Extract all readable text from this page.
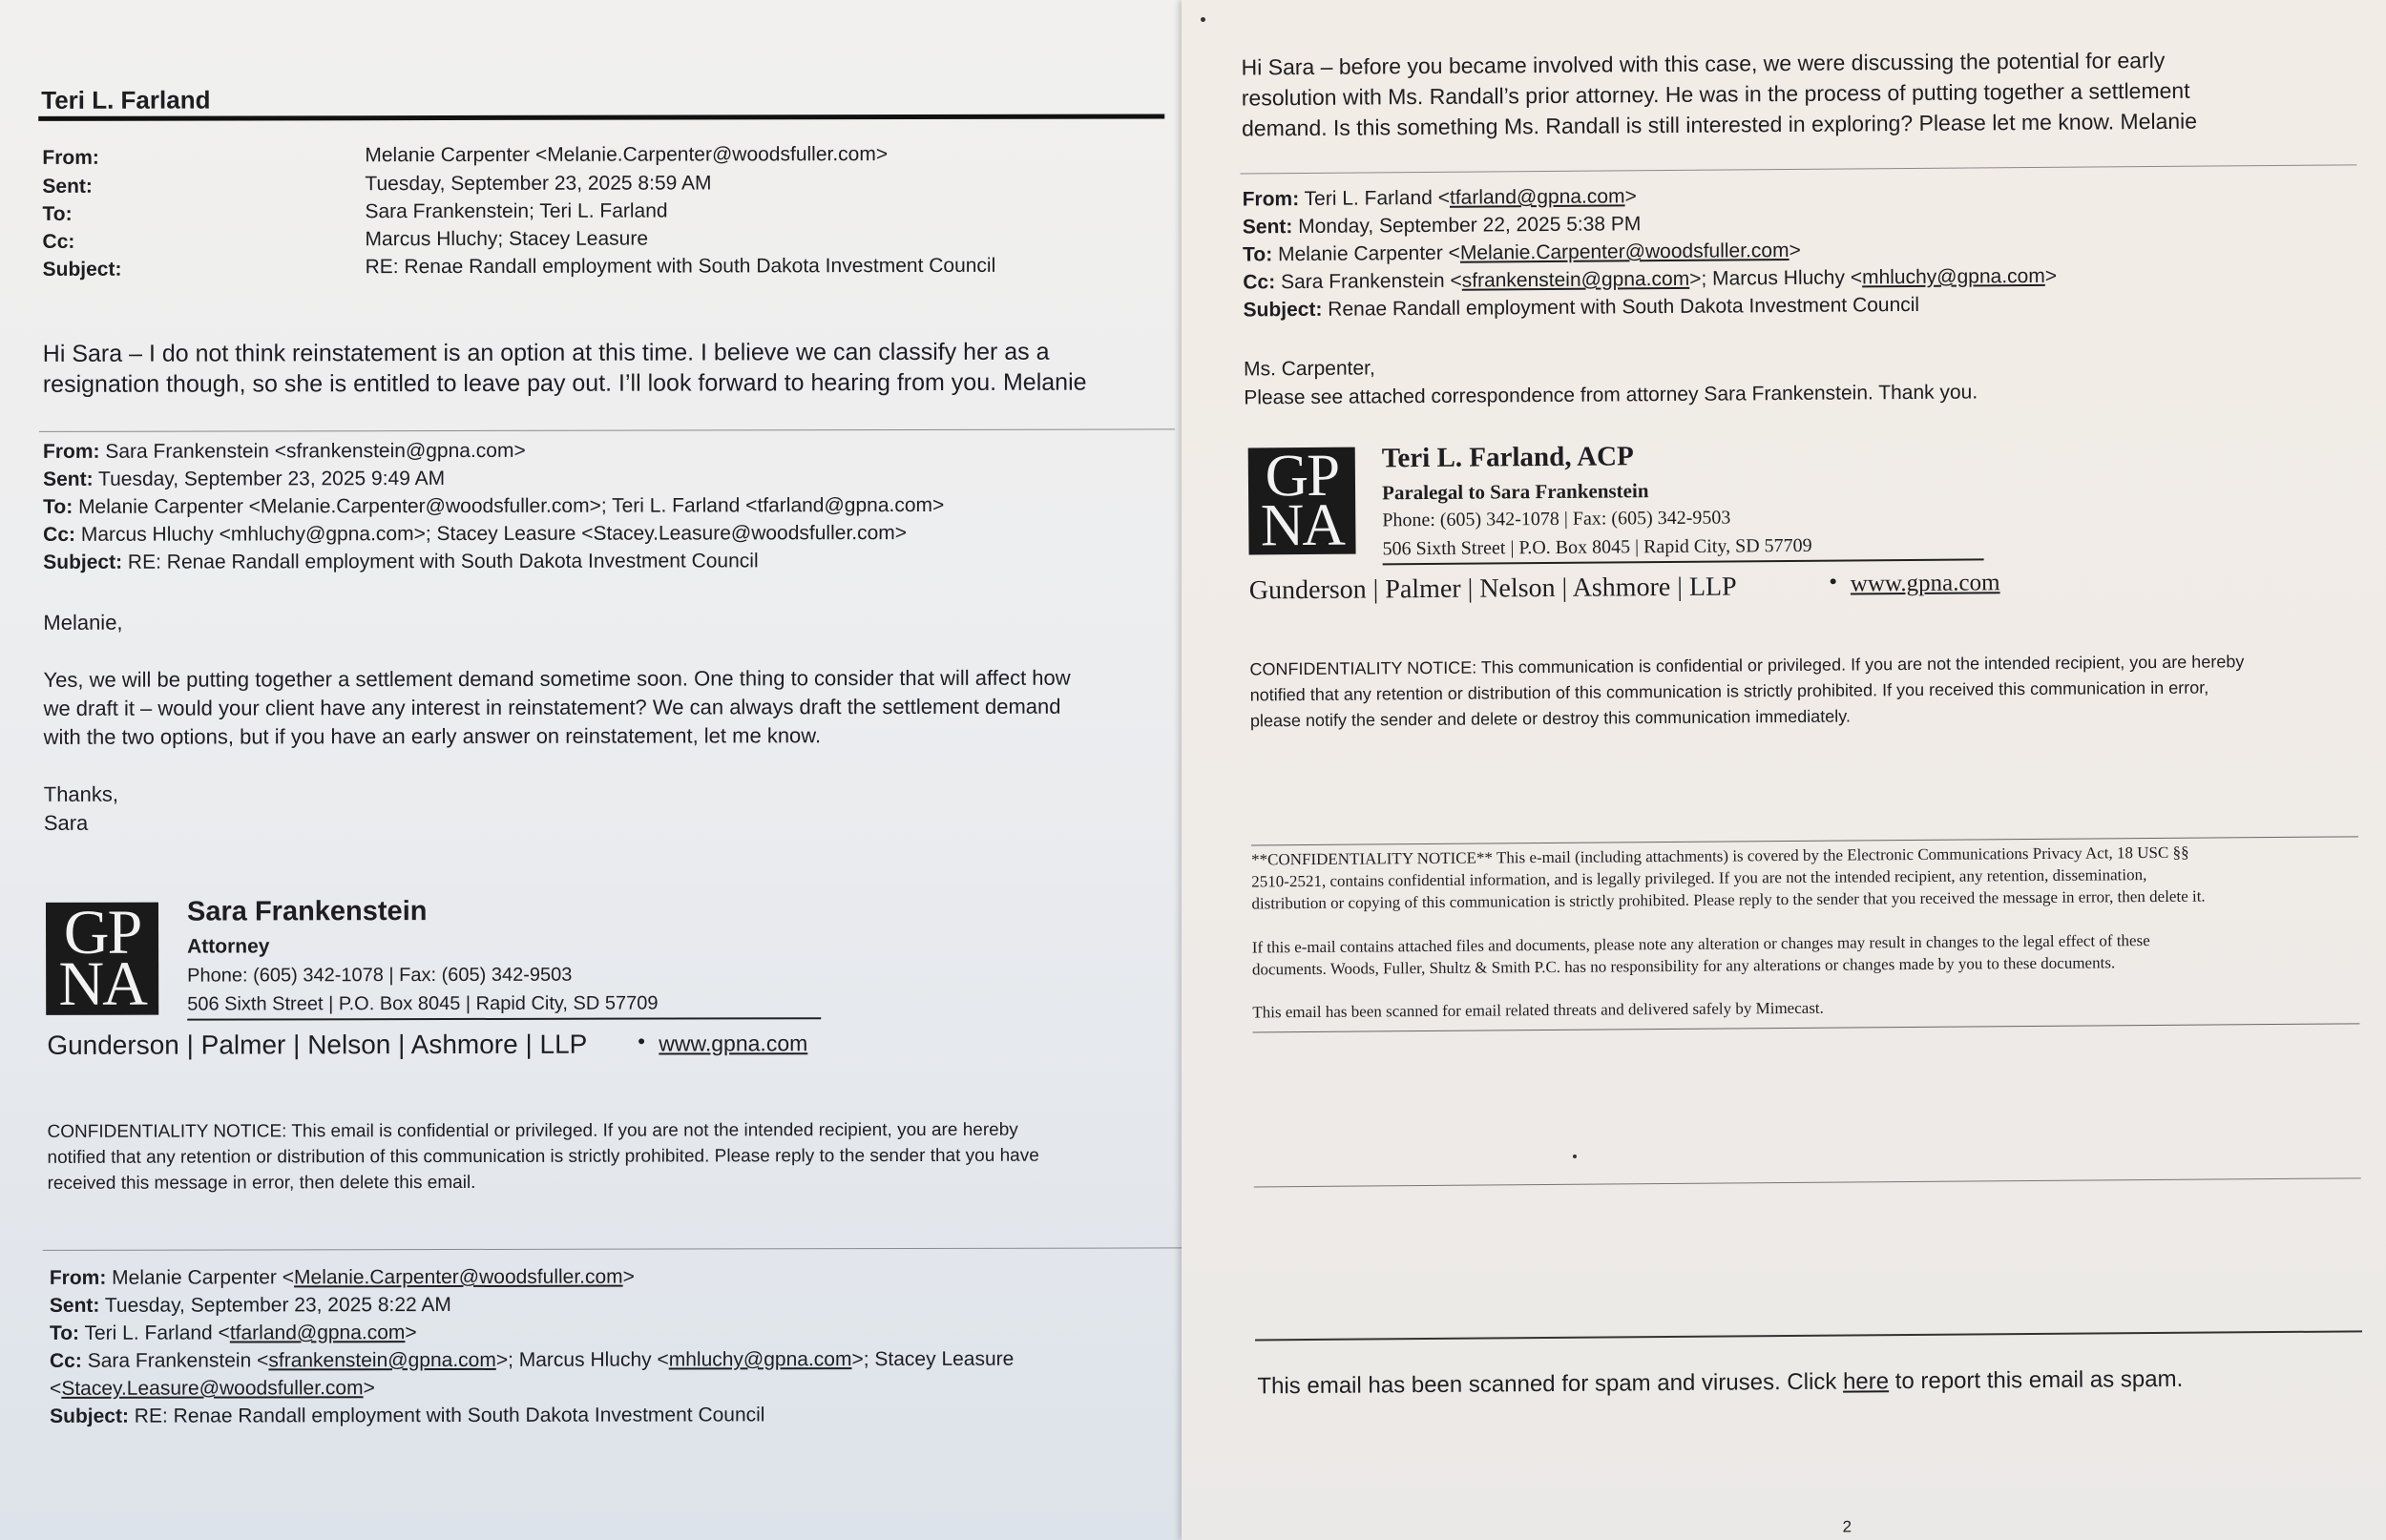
Teri L. Farland
From:	Melanie Carpenter <Melanie.Carpenter@woodsfuller.com>
Sent:	Tuesday, September 23, 2025 8:59 AM
To:	Sara Frankenstein; Teri L. Farland
Cc:	Marcus Hluchy; Stacey Leasure
Subject:	RE: Renae Randall employment with South Dakota Investment Council
Hi Sara – I do not think reinstatement is an option at this time. I believe we can classify her as a
resignation though, so she is entitled to leave pay out. I’ll look forward to hearing from you. Melanie
From: Sara Frankenstein <sfrankenstein@gpna.com>
Sent: Tuesday, September 23, 2025 9:49 AM
To: Melanie Carpenter <Melanie.Carpenter@woodsfuller.com>; Teri L. Farland <tfarland@gpna.com>
Cc: Marcus Hluchy <mhluchy@gpna.com>; Stacey Leasure <Stacey.Leasure@woodsfuller.com>
Subject: RE: Renae Randall employment with South Dakota Investment Council
Melanie,
Yes, we will be putting together a settlement demand sometime soon. One thing to consider that will affect how
we draft it – would your client have any interest in reinstatement? We can always draft the settlement demand
with the two options, but if you have an early answer on reinstatement, let me know.
Thanks,
Sara
GP
NA
Sara Frankenstein
Attorney
Phone: (605) 342-1078 | Fax: (605) 342-9503
506 Sixth Street | P.O. Box 8045 | Rapid City, SD 57709
Gunderson | Palmer | Nelson | Ashmore | LLP • www.gpna.com
CONFIDENTIALITY NOTICE: This email is confidential or privileged. If you are not the intended recipient, you are hereby
notified that any retention or distribution of this communication is strictly prohibited. Please reply to the sender that you have
received this message in error, then delete this email.
From: Melanie Carpenter <Melanie.Carpenter@woodsfuller.com>
Sent: Tuesday, September 23, 2025 8:22 AM
To: Teri L. Farland <tfarland@gpna.com>
Cc: Sara Frankenstein <sfrankenstein@gpna.com>; Marcus Hluchy <mhluchy@gpna.com>; Stacey Leasure
<Stacey.Leasure@woodsfuller.com>
Subject: RE: Renae Randall employment with South Dakota Investment Council
Hi Sara – before you became involved with this case, we were discussing the potential for early
resolution with Ms. Randall’s prior attorney. He was in the process of putting together a settlement
demand. Is this something Ms. Randall is still interested in exploring? Please let me know. Melanie
From: Teri L. Farland <tfarland@gpna.com>
Sent: Monday, September 22, 2025 5:38 PM
To: Melanie Carpenter <Melanie.Carpenter@woodsfuller.com>
Cc: Sara Frankenstein <sfrankenstein@gpna.com>; Marcus Hluchy <mhluchy@gpna.com>
Subject: Renae Randall employment with South Dakota Investment Council
Ms. Carpenter,
Please see attached correspondence from attorney Sara Frankenstein. Thank you.
GP
NA
Teri L. Farland, ACP
Paralegal to Sara Frankenstein
Phone: (605) 342-1078 | Fax: (605) 342-9503
506 Sixth Street | P.O. Box 8045 | Rapid City, SD 57709
Gunderson | Palmer | Nelson | Ashmore | LLP	• www.gpna.com
CONFIDENTIALITY NOTICE: This communication is confidential or privileged. If you are not the intended recipient, you are hereby
notified that any retention or distribution of this communication is strictly prohibited. If you received this communication in error,
please notify the sender and delete or destroy this communication immediately.
**CONFIDENTIALITY NOTICE** This e-mail (including attachments) is covered by the Electronic Communications Privacy Act, 18 USC §§
2510-2521, contains confidential information, and is legally privileged. If you are not the intended recipient, any retention, dissemination,
distribution or copying of this communication is strictly prohibited. Please reply to the sender that you received the message in error, then delete it.
If this e-mail contains attached files and documents, please note any alteration or changes may result in changes to the legal effect of these
documents. Woods, Fuller, Shultz & Smith P.C. has no responsibility for any alterations or changes made by you to these documents.
This email has been scanned for email related threats and delivered safely by Mimecast.
This email has been scanned for spam and viruses. Click here to report this email as spam.
2
